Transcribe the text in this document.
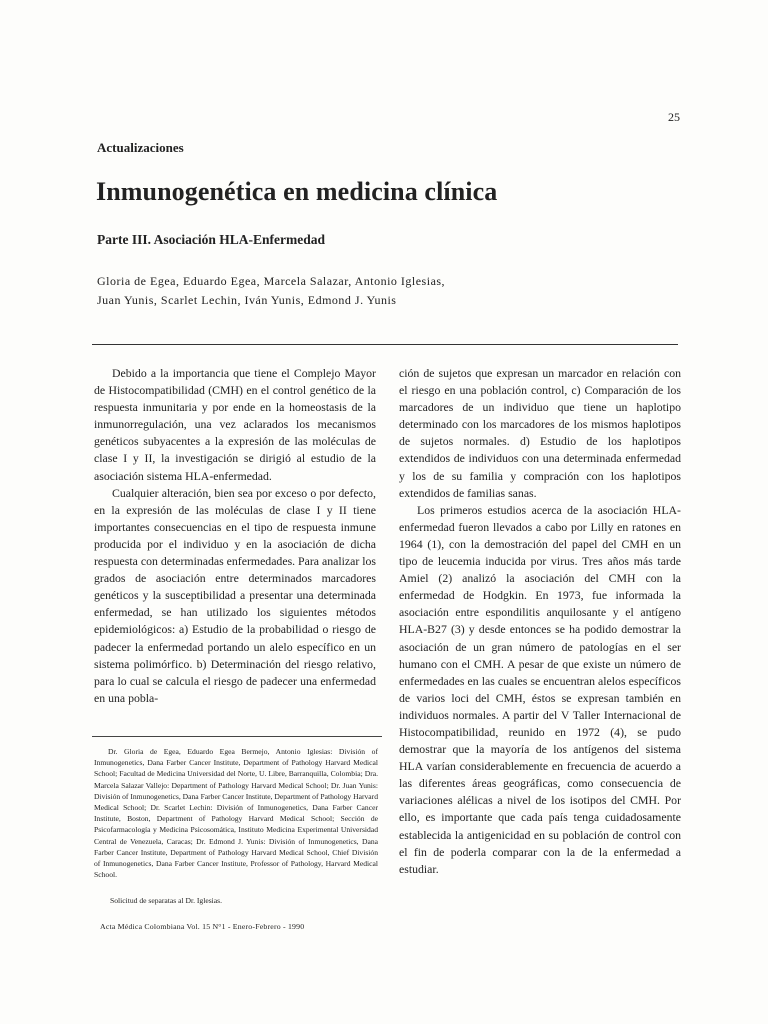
25
Actualizaciones
Inmunogenética en medicina clínica
Parte III. Asociación HLA-Enfermedad
Gloria de Egea, Eduardo Egea, Marcela Salazar, Antonio Iglesias,
Juan Yunis, Scarlet Lechin, Iván Yunis, Edmond J. Yunis

Debido a la importancia que tiene el Complejo Mayor de Histocompatibilidad (CMH) en el control genético de la respuesta inmunitaria y por ende en la homeostasis de la inmunorregulación, una vez aclarados los mecanismos genéticos subyacentes a la expresión de las moléculas de clase I y II, la investigación se dirigió al estudio de la asociación sistema HLA-enfermedad.

Cualquier alteración, bien sea por exceso o por defecto, en la expresión de las moléculas de clase I y II tiene importantes consecuencias en el tipo de respuesta inmune producida por el individuo y en la asociación de dicha respuesta con determinadas enfermedades. Para analizar los grados de asociación entre determinados marcadores genéticos y la susceptibilidad a presentar una determinada enfermedad, se han utilizado los siguientes métodos epidemiológicos: a) Estudio de la probabilidad o riesgo de padecer la enfermedad portando un alelo específico en un sistema polimórfico. b) Determinación del riesgo relativo, para lo cual se calcula el riesgo de padecer una enfermedad en una pobla-

ción de sujetos que expresan un marcador en relación con el riesgo en una población control, c) Comparación de los marcadores de un individuo que tiene un haplotipo determinado con los marcadores de los mismos haplotipos de sujetos normales. d) Estudio de los haplotipos extendidos de individuos con una determinada enfermedad y los de su familia y compración con los haplotipos extendidos de familias sanas.

Los primeros estudios acerca de la asociación HLA-enfermedad fueron llevados a cabo por Lilly en ratones en 1964 (1), con la demostración del papel del CMH en un tipo de leucemia inducida por virus. Tres años más tarde Amiel (2) analizó la asociación del CMH con la enfermedad de Hodgkin. En 1973, fue informada la asociación entre espondilitis anquilosante y el antígeno HLA-B27 (3) y desde entonces se ha podido demostrar la asociación de un gran número de patologías en el ser humano con el CMH. A pesar de que existe un número de enfermedades en las cuales se encuentran alelos específicos de varios loci del CMH, éstos se expresan también en individuos normales. A partir del V Taller Internacional de Histocompatibilidad, reunido en 1972 (4), se pudo demostrar que la mayoría de los antígenos del sistema HLA varían considerablemente en frecuencia de acuerdo a las diferentes áreas geográficas, como consecuencia de variaciones alélicas a nivel de los isotipos del CMH. Por ello, es importante que cada país tenga cuidadosamente establecida la antigenicidad en su población de control con el fin de poderla comparar con la de la enfermedad a estudiar.

Dr. Gloria de Egea, Eduardo Egea Bermejo, Antonio Iglesias: División of Inmunogenetics, Dana Farber Cancer Institute, Department of Pathology Harvard Medical School; Facultad de Medicina Universidad del Norte, U. Libre, Barranquilla, Colombia; Dra. Marcela Salazar Vallejo: Department of Pathology Harvard Medical School; Dr. Juan Yunis: División of Inmunogenetics, Dana Farber Cancer Institute, Department of Pathology Harvard Medical School; Dr. Scarlet Lechin: División of Inmunogenetics, Dana Farber Cancer Institute, Boston, Department of Pathology Harvard Medical School; Sección de Psicofarmacología y Medicina Psicosomática, Instituto Medicina Experimental Universidad Central de Venezuela, Caracas; Dr. Edmond J. Yunis: División of Inmunogenetics, Dana Farber Cancer Institute, Department of Pathology Harvard Medical School, Chief División of Inmunogenetics, Dana Farber Cancer Institute, Professor of Pathology, Harvard Medical School.

Solicitud de separatas al Dr. Iglesias.
Acta Médica Colombiana Vol. 15 N°1 - Enero-Febrero - 1990
